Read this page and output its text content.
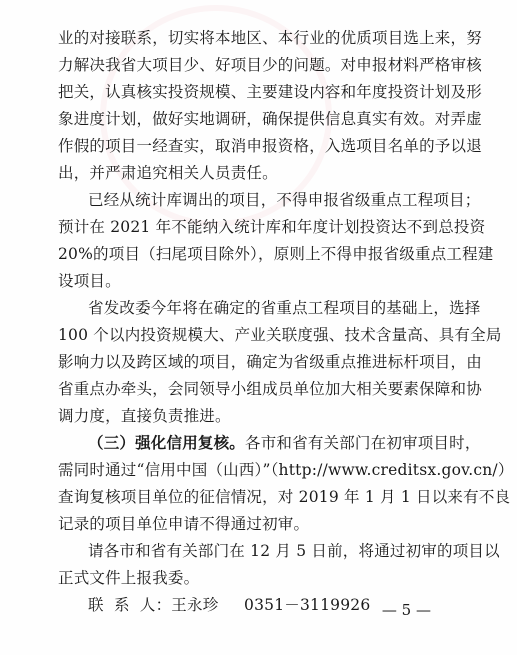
业的对接联系，切实将本地区、本行业的优质项目选上来，努
力解决我省大项目少、好项目少的问题。对申报材料严格审核
把关，认真核实投资规模、主要建设内容和年度投资计划及形
象进度计划，做好实地调研，确保提供信息真实有效。对弄虚
作假的项目一经查实，取消申报资格，入选项目名单的予以退
出，并严肃追究相关人员责任。
已经从统计库调出的项目，不得申报省级重点工程项目；
预计在 2021 年不能纳入统计库和年度计划投资达不到总投资
20%的项目（扫尾项目除外），原则上不得申报省级重点工程建
设项目。
省发改委今年将在确定的省重点工程项目的基础上，选择
100 个以内投资规模大、产业关联度强、技术含量高、具有全局
影响力以及跨区域的项目，确定为省级重点推进标杆项目，由
省重点办牵头，会同领导小组成员单位加大相关要素保障和协
调力度，直接负责推进。
（三）强化信用复核。各市和省有关部门在初审项目时，
需同时通过“信用中国（山西）”（http://www.creditsx.gov.cn/）
查询复核项目单位的征信情况，对 2019 年 1 月 1 日以来有不良
记录的项目单位申请不得通过初审。
请各市和省有关部门在 12 月 5 日前，将通过初审的项目以
正式文件上报我委。
联  系  人：王永珍     0351－3119926 — 5 —
